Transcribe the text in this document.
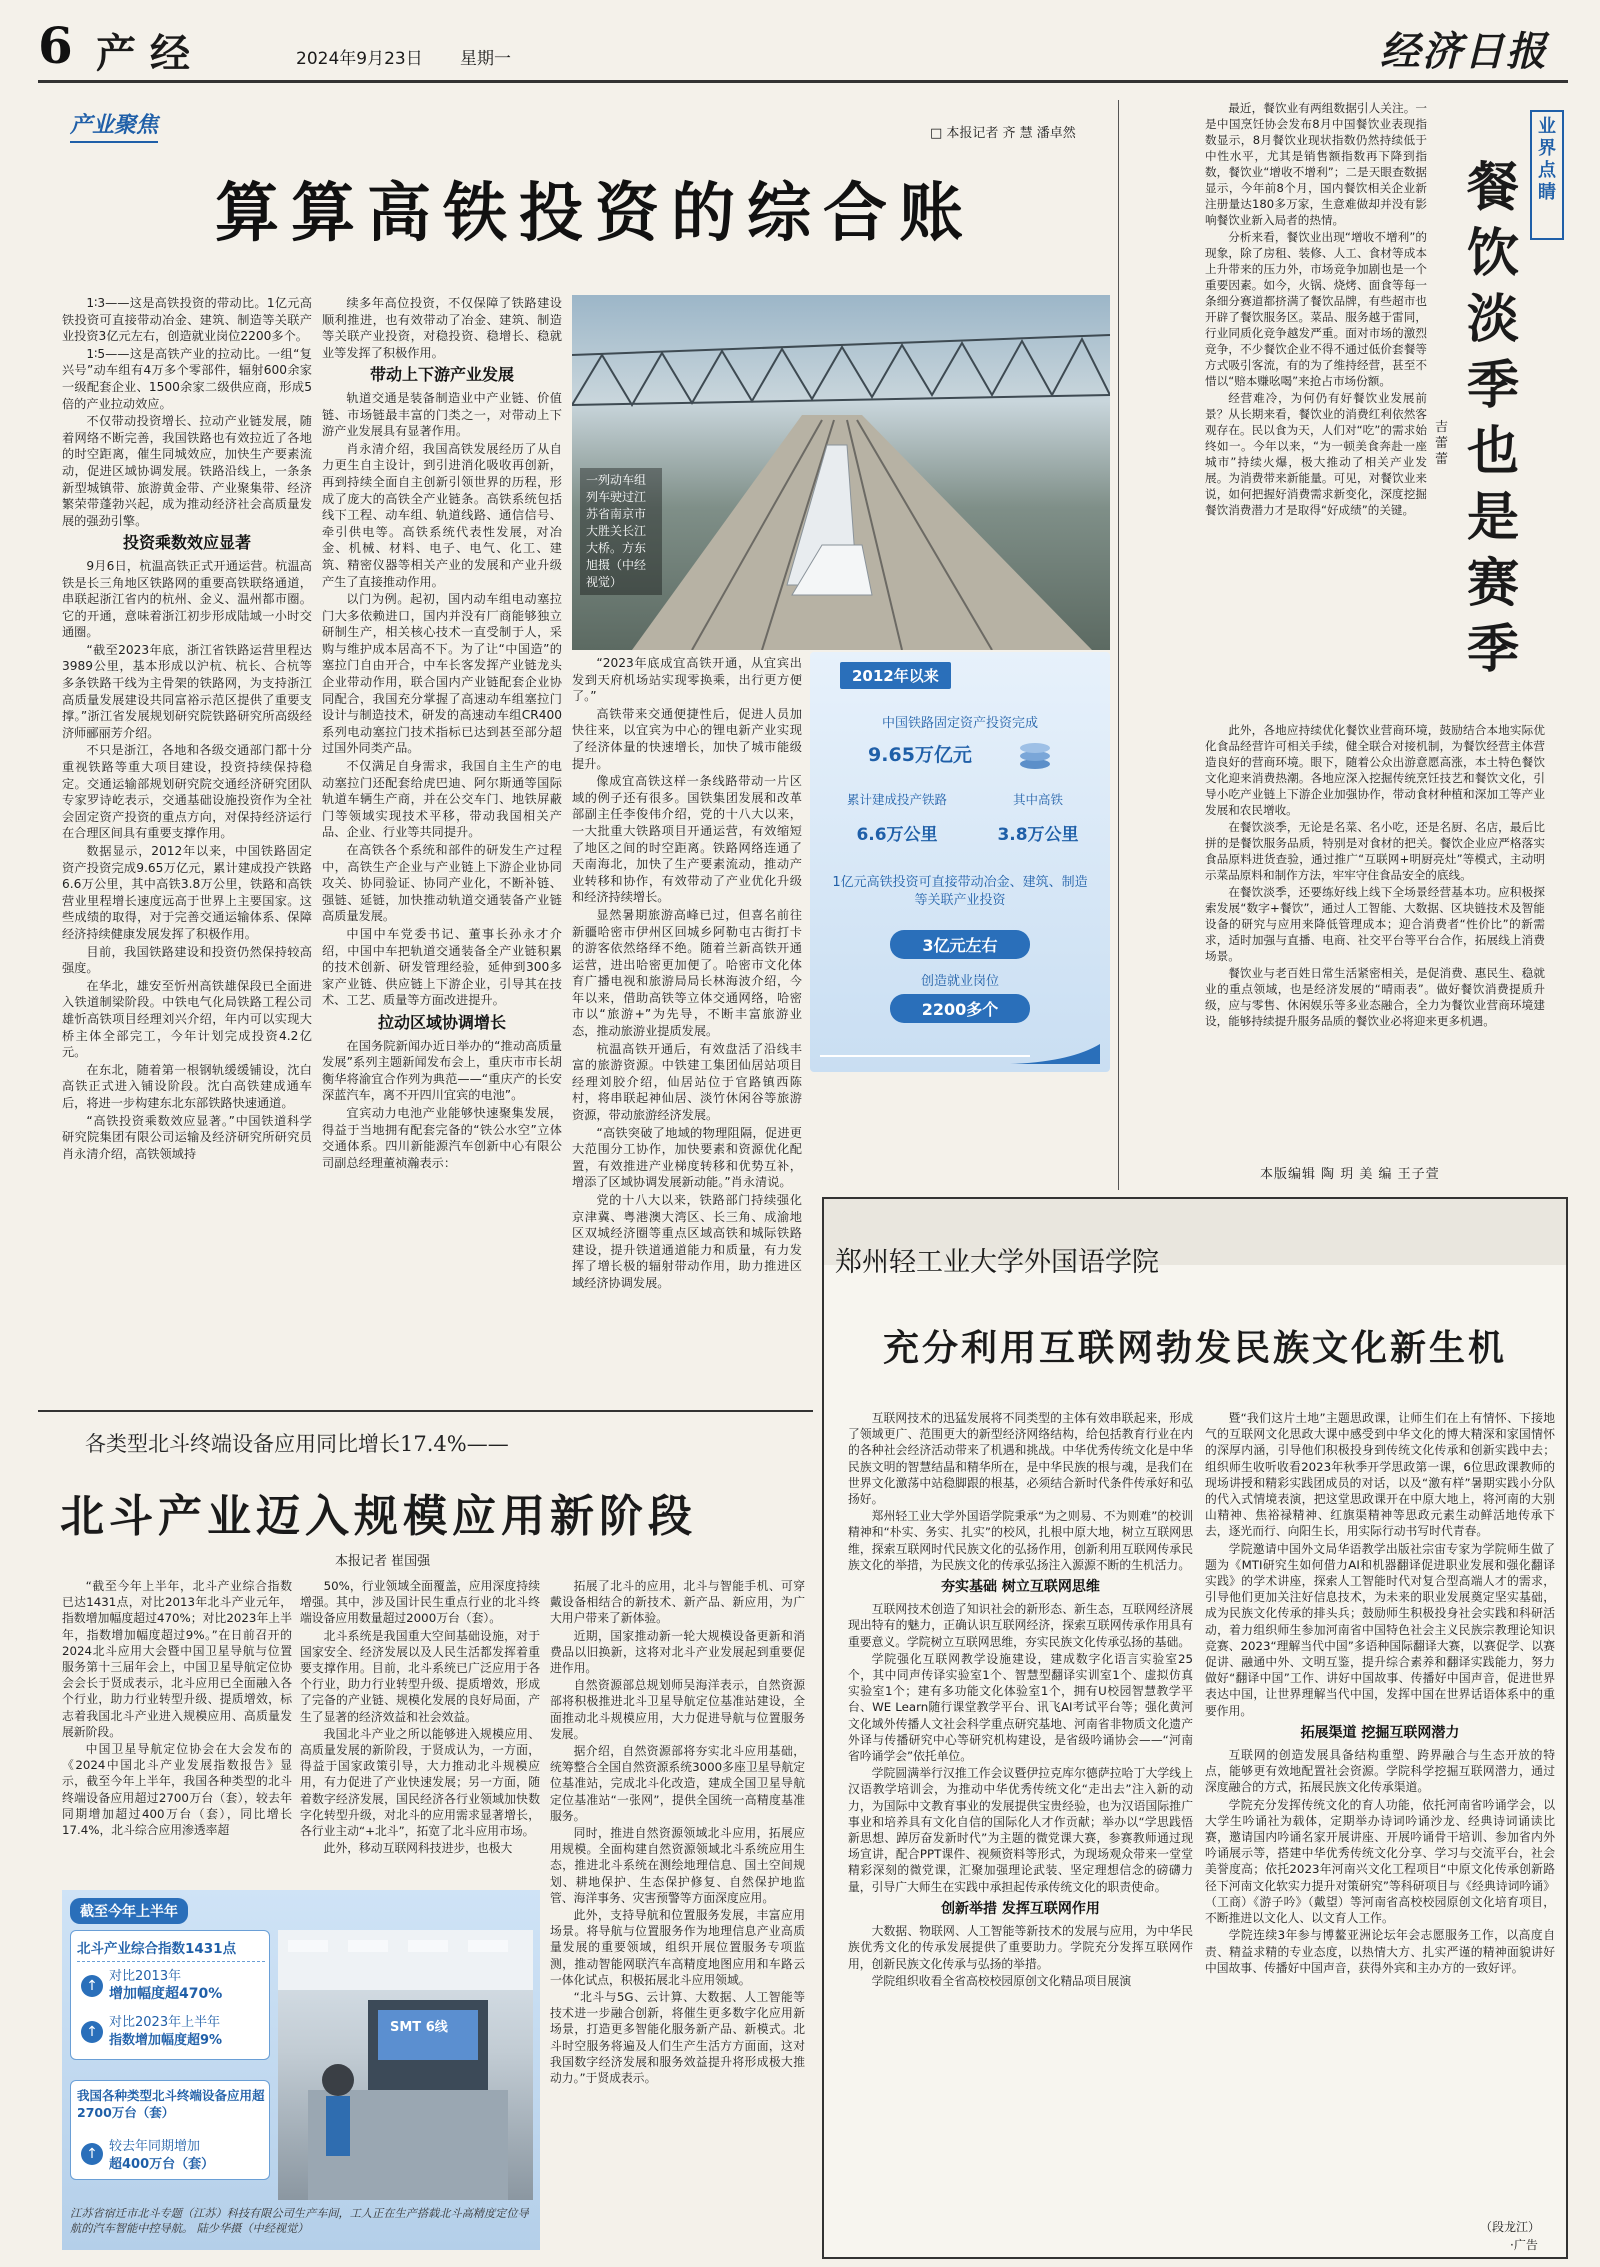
6 产经	2024年9月23日 星期一	经济日报
产业聚焦	□ 本报记者 齐 慧 潘卓然
算算高铁投资的综合账

1∶3——这是高铁投资的带动比。1亿元高铁投资可直接带动冶金、建筑、制造等关联产业投资3亿元左右，创造就业岗位2200多个。

1∶5——这是高铁产业的拉动比。一组“复兴号”动车组有4万多个零部件，辐射600余家一级配套企业、1500余家二级供应商，形成5倍的产业拉动效应。

不仅带动投资增长、拉动产业链发展，随着网络不断完善，我国铁路也有效拉近了各地的时空距离，催生同城效应，加快生产要素流动，促进区域协调发展。铁路沿线上，一条条新型城镇带、旅游黄金带、产业聚集带、经济繁荣带蓬勃兴起，成为推动经济社会高质量发展的强劲引擎。

投资乘数效应显著

9月6日，杭温高铁正式开通运营。杭温高铁是长三角地区铁路网的重要高铁联络通道，串联起浙江省内的杭州、金义、温州都市圈。它的开通，意味着浙江初步形成陆域一小时交通圈。

“截至2023年底，浙江省铁路运营里程达3989公里，基本形成以沪杭、杭长、合杭等多条铁路干线为主骨架的铁路网，为支持浙江高质量发展建设共同富裕示范区提供了重要支撑。”浙江省发展规划研究院铁路研究所高级经济师郦丽芳介绍。

不只是浙江，各地和各级交通部门都十分重视铁路等重大项目建设，投资持续保持稳定。交通运输部规划研究院交通经济研究团队专家罗诗屹表示，交通基础设施投资作为全社会固定资产投资的重点方向，对保持经济运行在合理区间具有重要支撑作用。

数据显示，2012年以来，中国铁路固定资产投资完成9.65万亿元，累计建成投产铁路6.6万公里，其中高铁3.8万公里，铁路和高铁营业里程增长速度远高于世界上主要国家。这些成绩的取得，对于完善交通运输体系、保障经济持续健康发展发挥了积极作用。

目前，我国铁路建设和投资仍然保持较高强度。

在华北，雄安至忻州高铁雄保段已全面进入铁道制梁阶段。中铁电气化局铁路工程公司雄忻高铁项目经理刘兴介绍，年内可以实现大桥主体全部完工，今年计划完成投资4.2亿元。

在东北，随着第一根钢轨缓缓铺设，沈白高铁正式进入铺设阶段。沈白高铁建成通车后，将进一步构建东北东部铁路快速通道。

“高铁投资乘数效应显著。”中国铁道科学研究院集团有限公司运输及经济研究所研究员肖永清介绍，高铁领域持

续多年高位投资，不仅保障了铁路建设顺利推进，也有效带动了冶金、建筑、制造等关联产业投资，对稳投资、稳增长、稳就业等发挥了积极作用。

带动上下游产业发展

轨道交通是装备制造业中产业链、价值链、市场链最丰富的门类之一，对带动上下游产业发展具有显著作用。

肖永清介绍，我国高铁发展经历了从自力更生自主设计，到引进消化吸收再创新，再到持续全面自主创新引领世界的历程，形成了庞大的高铁全产业链条。高铁系统包括线下工程、动车组、轨道线路、通信信号、牵引供电等。高铁系统代表性发展，对冶金、机械、材料、电子、电气、化工、建筑、精密仪器等相关产业的发展和产业升级产生了直接推动作用。

以门为例。起初，国内动车组电动塞拉门大多依赖进口，国内并没有厂商能够独立研制生产，相关核心技术一直受制于人，采购与维护成本居高不下。为了让“中国造”的塞拉门自由开合，中车长客发挥产业链龙头企业带动作用，联合国内产业链配套企业协同配合，我国充分掌握了高速动车组塞拉门设计与制造技术，研发的高速动车组CR400系列电动塞拉门技术指标已达到甚至部分超过国外同类产品。

不仅满足自身需求，我国自主生产的电动塞拉门还配套给虎巴迪、阿尔斯通等国际轨道车辆生产商，并在公交车门、地铁屏蔽门等领域实现技术平移，带动我国相关产品、企业、行业等共同提升。

在高铁各个系统和部件的研发生产过程中，高铁生产企业与产业链上下游企业协同攻关、协同验证、协同产业化，不断补链、强链、延链，加快推动轨道交通装备产业链高质量发展。

中国中车党委书记、董事长孙永才介绍，中国中车把轨道交通装备全产业链积累的技术创新、研发管理经验，延伸到300多家产业链、供应链上下游企业，引导其在技术、工艺、质量等方面改进提升。

拉动区域协调增长

在国务院新闻办近日举办的“推动高质量发展”系列主题新闻发布会上，重庆市市长胡衡华将渝宜合作列为典范——“重庆产的长安深蓝汽车，离不开四川宜宾的电池”。

宜宾动力电池产业能够快速聚集发展，得益于当地拥有配套完备的“铁公水空”立体交通体系。四川新能源汽车创新中心有限公司副总经理董祯瀚表示：

一列动车组列车驶过江苏省南京市大胜关长江大桥。方东旭摄（中经视觉）
2012年以来
中国铁路固定资产投资完成
9.65万亿元
累计建成投产铁路	其中高铁
6.6万公里	3.8万公里
1亿元高铁投资可直接带动冶金、建筑、制造等关联产业投资
3亿元左右
创造就业岗位
2200多个

“2023年底成宜高铁开通，从宜宾出发到天府机场站实现零换乘，出行更方便了。”

高铁带来交通便捷性后，促进人员加快往来，以宜宾为中心的锂电新产业实现了经济体量的快速增长，加快了城市能级提升。

像成宜高铁这样一条线路带动一片区域的例子还有很多。国铁集团发展和改革部副主任李俊伟介绍，党的十八大以来，一大批重大铁路项目开通运营，有效缩短了地区之间的时空距离。铁路网络连通了天南海北，加快了生产要素流动，推动产业转移和协作，有效带动了产业优化升级和经济持续增长。

显然暑期旅游高峰已过，但喜名前往新疆哈密市伊州区回城乡阿勒屯古街打卡的游客依然络绎不绝。随着兰新高铁开通运营，进出哈密更加便了。哈密市文化体育广播电视和旅游局局长林海波介绍，今年以来，借助高铁等立体交通网络，哈密市以“旅游+”为先导，不断丰富旅游业态，推动旅游业提质发展。

杭温高铁开通后，有效盘活了沿线丰富的旅游资源。中铁建工集团仙居站项目经理刘胶介绍，仙居站位于官路镇西陈村，将串联起神仙居、淡竹休闲谷等旅游资源，带动旅游经济发展。

“高铁突破了地域的物理阻隔，促进更大范围分工协作，加快要素和资源优化配置，有效推进产业梯度转移和优势互补，增添了区域协调发展新动能。”肖永清说。

党的十八大以来，铁路部门持续强化京津冀、粤港澳大湾区、长三角、成渝地区双城经济圈等重点区域高铁和城际铁路建设，提升铁道通道能力和质量，有力发挥了增长极的辐射带动作用，助力推进区域经济协调发展。

业界点睛
餐饮淡季也是赛季
吉蕾蕾

最近，餐饮业有两组数据引人关注。一是中国烹饪协会发布8月中国餐饮业表现指数显示，8月餐饮业现状指数仍然持续低于中性水平，尤其是销售额指数再下降到指数，餐饮业“增收不增利”；二是天眼查数据显示，今年前8个月，国内餐饮相关企业新注册量达180多万家，生意难做却并没有影响餐饮业新入局者的热情。

分析来看，餐饮业出现“增收不增利”的现象，除了房租、装修、人工、食材等成本上升带来的压力外，市场竞争加剧也是一个重要因素。如今，火锅、烧烤、面食等每一条细分赛道都挤满了餐饮品牌，有些超市也开辟了餐饮服务区。菜品、服务越于雷同，行业同质化竞争越发严重。面对市场的激烈竞争，不少餐饮企业不得不通过低价套餐等方式吸引客流，有的为了维持经营，甚至不惜以“赔本赚吆喝”来抢占市场份额。

经营难冷，为何仍有好餐饮业发展前景？从长期来看，餐饮业的消费红利依然客观存在。民以食为天，人们对“吃”的需求始终如一。今年以来，“为一顿美食奔赴一座城市”持续火爆，极大推动了相关产业发展。为消费带来新能量。可见，对餐饮业来说，如何把握好消费需求新变化，深度挖掘餐饮消费潜力才是取得“好成绩”的关键。

此外，各地应持续优化餐饮业营商环境，鼓励结合本地实际优化食品经营许可相关手续，健全联合对接机制，为餐饮经营主体营造良好的营商环境。眼下，随着公众出游意愿高涨，本土特色餐饮文化迎来消费热潮。各地应深入挖掘传统烹饪技艺和餐饮文化，引导小吃产业链上下游企业加强协作，带动食材种植和深加工等产业发展和农民增收。

在餐饮淡季，无论是名菜、名小吃，还是名厨、名店，最后比拼的是餐饮服务品质，特别是对食材的把关。餐饮企业应严格落实食品原料进货查验，通过推广“互联网+明厨亮灶”等模式，主动明示菜品原料和制作方法，牢牢守住食品安全的底线。

在餐饮淡季，还要练好线上线下全场景经营基本功。应积极探索发展“数字+餐饮”，通过人工智能、大数据、区块链技术及智能设备的研究与应用来降低管理成本；迎合消费者“性价比”的新需求，适时加强与直播、电商、社交平台等平台合作，拓展线上消费场景。

餐饮业与老百姓日常生活紧密相关，是促消费、惠民生、稳就业的重点领域，也是经济发展的“晴雨表”。做好餐饮消费提质升级，应与零售、休闲娱乐等多业态融合，全力为餐饮业营商环境建设，能够持续提升服务品质的餐饮业必将迎来更多机遇。

本版编辑 陶 玥 美 编 王子萱
郑州轻工业大学外国语学院
充分利用互联网勃发民族文化新生机

互联网技术的迅猛发展将不同类型的主体有效串联起来，形成了领域更广、范围更大的新型经济网络结构，给包括教育行业在内的各种社会经济活动带来了机遇和挑战。中华优秀传统文化是中华民族文明的智慧结晶和精华所在，是中华民族的根与魂，是我们在世界文化激荡中站稳脚跟的根基，必须结合新时代条件传承好和弘扬好。

郑州轻工业大学外国语学院秉承“为之则易、不为则难”的校训精神和“朴实、务实、扎实”的校风，扎根中原大地，树立互联网思维，探索互联网时代民族文化的弘扬作用，创新利用互联网传承民族文化的举措，为民族文化的传承弘扬注入源源不断的生机活力。

夯实基础 树立互联网思维

互联网技术创造了知识社会的新形态、新生态，互联网经济展现出特有的魅力，正确认识互联网经济，探索互联网传承作用具有重要意义。学院树立互联网思维，夯实民族文化传承弘扬的基础。

学院强化互联网教学设施建设，建成数字化语言实验室25个，其中同声传译实验室1个、智慧型翻译实训室1个、虚拟仿真实验室1个；建有多功能文化体验室1个，拥有U校园智慧教学平台、WE Learn随行课堂教学平台、讯飞AI考试平台等；强化黄河文化域外传播人文社会科学重点研究基地、河南省非物质文化遗产外译与传播研究中心等研究机构建设，是省级吟诵协会——“河南省吟诵学会”依托单位。

学院圆满举行汉推工作会议暨伊拉克库尔德萨拉哈丁大学线上汉语教学培训会，为推动中华优秀传统文化“走出去”注入新的动力，为国际中文教育事业的发展提供宝贵经验，也为汉语国际推广事业和培养具有文化自信的国际化人才作贡献；举办以“学思践悟新思想、踔厉奋发新时代”为主题的微党课大赛，参赛教师通过现场宣讲，配合PPT课件、视频资料等形式，为现场观众带来一堂堂精彩深刻的微党课，汇聚加强理论武装、坚定理想信念的磅礴力量，引导广大师生在实践中承担起传承传统文化的职责使命。

创新举措 发挥互联网作用

大数据、物联网、人工智能等新技术的发展与应用，为中华民族优秀文化的传承发展提供了重要助力。学院充分发挥互联网作用，创新民族文化传承与弘扬的举措。

学院组织收看全省高校校园原创文化精品项目展演

暨“我们这片土地”主题思政课，让师生们在上有情怀、下接地气的互联网文化思政大课中感受到中华文化的博大精深和家国情怀的深厚内涵，引导他们积极投身到传统文化传承和创新实践中去；组织师生收听收看2023年秋季开学思政第一课，6位思政课教师的现场讲授和精彩实践团成员的对话，以及“激有样”暑期实践小分队的代入式情境表演，把这堂思政课开在中原大地上，将河南的大别山精神、焦裕禄精神、红旗渠精神等思政元素生动鲜活地传承下去，逐光而行、向阳生长，用实际行动书写时代青春。

学院邀请中国外文局华语教学出版社宗宙专家为学院师生做了题为《MTI研究生如何借力AI和机器翻译促进职业发展和强化翻译实践》的学术讲座，探索人工智能时代对复合型高端人才的需求，引导他们更加关注好信息技术，为未来的职业发展奠定坚实基础，成为民族文化传承的排头兵；鼓励师生积极投身社会实践和科研活动，着力组织师生参加河南省中国特色社会主义民族宗教理论知识竞赛、2023“理解当代中国”多语种国际翻译大赛，以赛促学、以赛促讲、融通中外、文明互鉴，提升综合素养和翻译实践能力，努力做好“翻译中国”工作、讲好中国故事、传播好中国声音，促进世界表达中国，让世界理解当代中国，发挥中国在世界话语体系中的重要作用。

拓展渠道 挖掘互联网潜力

互联网的创造发展具备结构重塑、跨界融合与生态开放的特点，能够更有效地配置社会资源。学院科学挖掘互联网潜力，通过深度融合的方式，拓展民族文化传承渠道。

学院充分发挥传统文化的育人功能，依托河南省吟诵学会，以大学生吟诵社为载体，定期举办诗词吟诵沙龙、经典诗词诵读比赛，邀请国内吟诵名家开展讲座、开展吟诵骨干培训、参加省内外吟诵展示等，搭建中华优秀传统文化分享、学习与交流平台，社会美誉度高；依托2023年河南兴文化工程项目“中原文化传承创新路径下河南文化软实力提升对策研究”等科研项目与《经典诗词吟诵》（工商）《游子吟》（戴望）等河南省高校校园原创文化培育项目，不断推进以文化人、以文育人工作。

学院连续3年参与博鳌亚洲论坛年会志愿服务工作，以高度自责、精益求精的专业态度，以热情大方、扎实严谨的精神面貌讲好中国故事、传播好中国声音，获得外宾和主办方的一致好评。

（段龙江）
·广告
各类型北斗终端设备应用同比增长17.4%——
北斗产业迈入规模应用新阶段
本报记者 崔国强

“截至今年上半年，北斗产业综合指数已达1431点，对比2013年北斗产业元年，指数增加幅度超过470%；对比2023年上半年，指数增加幅度超过9%。”在日前召开的2024北斗应用大会暨中国卫星导航与位置服务第十三届年会上，中国卫星导航定位协会会长于贤成表示，北斗应用已全面融入各个行业，助力行业转型升级、提质增效，标志着我国北斗产业进入规模应用、高质量发展新阶段。

中国卫星导航定位协会在大会发布的《2024中国北斗产业发展指数报告》显示，截至今年上半年，我国各种类型的北斗终端设备应用超过2700万台（套），较去年同期增加超过400万台（套），同比增长17.4%，北斗综合应用渗透率超

50%，行业领域全面覆盖，应用深度持续增强。其中，涉及国计民生重点行业的北斗终端设备应用数量超过2000万台（套）。

北斗系统是我国重大空间基础设施，对于国家安全、经济发展以及人民生活都发挥着重要支撑作用。目前，北斗系统已广泛应用于各个行业，助力行业转型升级、提质增效，形成了完备的产业链、规模化发展的良好局面，产生了显著的经济效益和社会效益。

我国北斗产业之所以能够进入规模应用、高质量发展的新阶段，于贤成认为，一方面，得益于国家政策引导，大力推动北斗规模应用，有力促进了产业快速发展；另一方面，随着数字经济发展，国民经济各行业领域加快数字化转型升级，对北斗的应用需求显著增长，各行业主动“+北斗”，拓宽了北斗应用市场。

此外，移动互联网科技进步，也极大

拓展了北斗的应用，北斗与智能手机、可穿戴设备相结合的新技术、新产品、新应用，为广大用户带来了新体验。

近期，国家推动新一轮大规模设备更新和消费品以旧换新，这将对北斗产业发展起到重要促进作用。

自然资源部总规划师吴海洋表示，自然资源部将积极推进北斗卫星导航定位基准站建设，全面推动北斗规模应用，大力促进导航与位置服务发展。

据介绍，自然资源部将夯实北斗应用基础，统筹整合全国自然资源系统3000多座卫星导航定位基准站，完成北斗化改造，建成全国卫星导航定位基准站“一张网”，提供全国统一高精度基准服务。

同时，推进自然资源领域北斗应用，拓展应用规模。全面构建自然资源领域北斗系统应用生态，推进北斗系统在测绘地理信息、国土空间规划、耕地保护、生态保护修复、自然保护地监管、海洋事务、灾害预警等方面深度应用。

此外，支持导航和位置服务发展，丰富应用场景。将导航与位置服务作为地理信息产业高质量发展的重要领域，组织开展位置服务专项监测，推动智能网联汽车高精度地图应用和车路云一体化试点，积极拓展北斗应用领域。

“北斗与5G、云计算、大数据、人工智能等技术进一步融合创新，将催生更多数字化应用新场景，打造更多智能化服务新产品、新模式。北斗时空服务将遍及人们生产生活方方面面，这对我国数字经济发展和服务效益提升将形成极大推动力。”于贤成表示。

截至今年上半年
北斗产业综合指数1431点
对比2013年
增加幅度超470%
对比2023年上半年
指数增加幅度超9%
↑
↑
我国各种类型北斗终端设备应用超2700万台（套）
较去年同期增加
超400万台（套）
↑
SMT 6线
江苏省宿迁市北斗专题（江苏）科技有限公司生产车间，工人正在生产搭载北斗高精度定位导航的汽车智能中控导航。 陆少华摄（中经视觉）
